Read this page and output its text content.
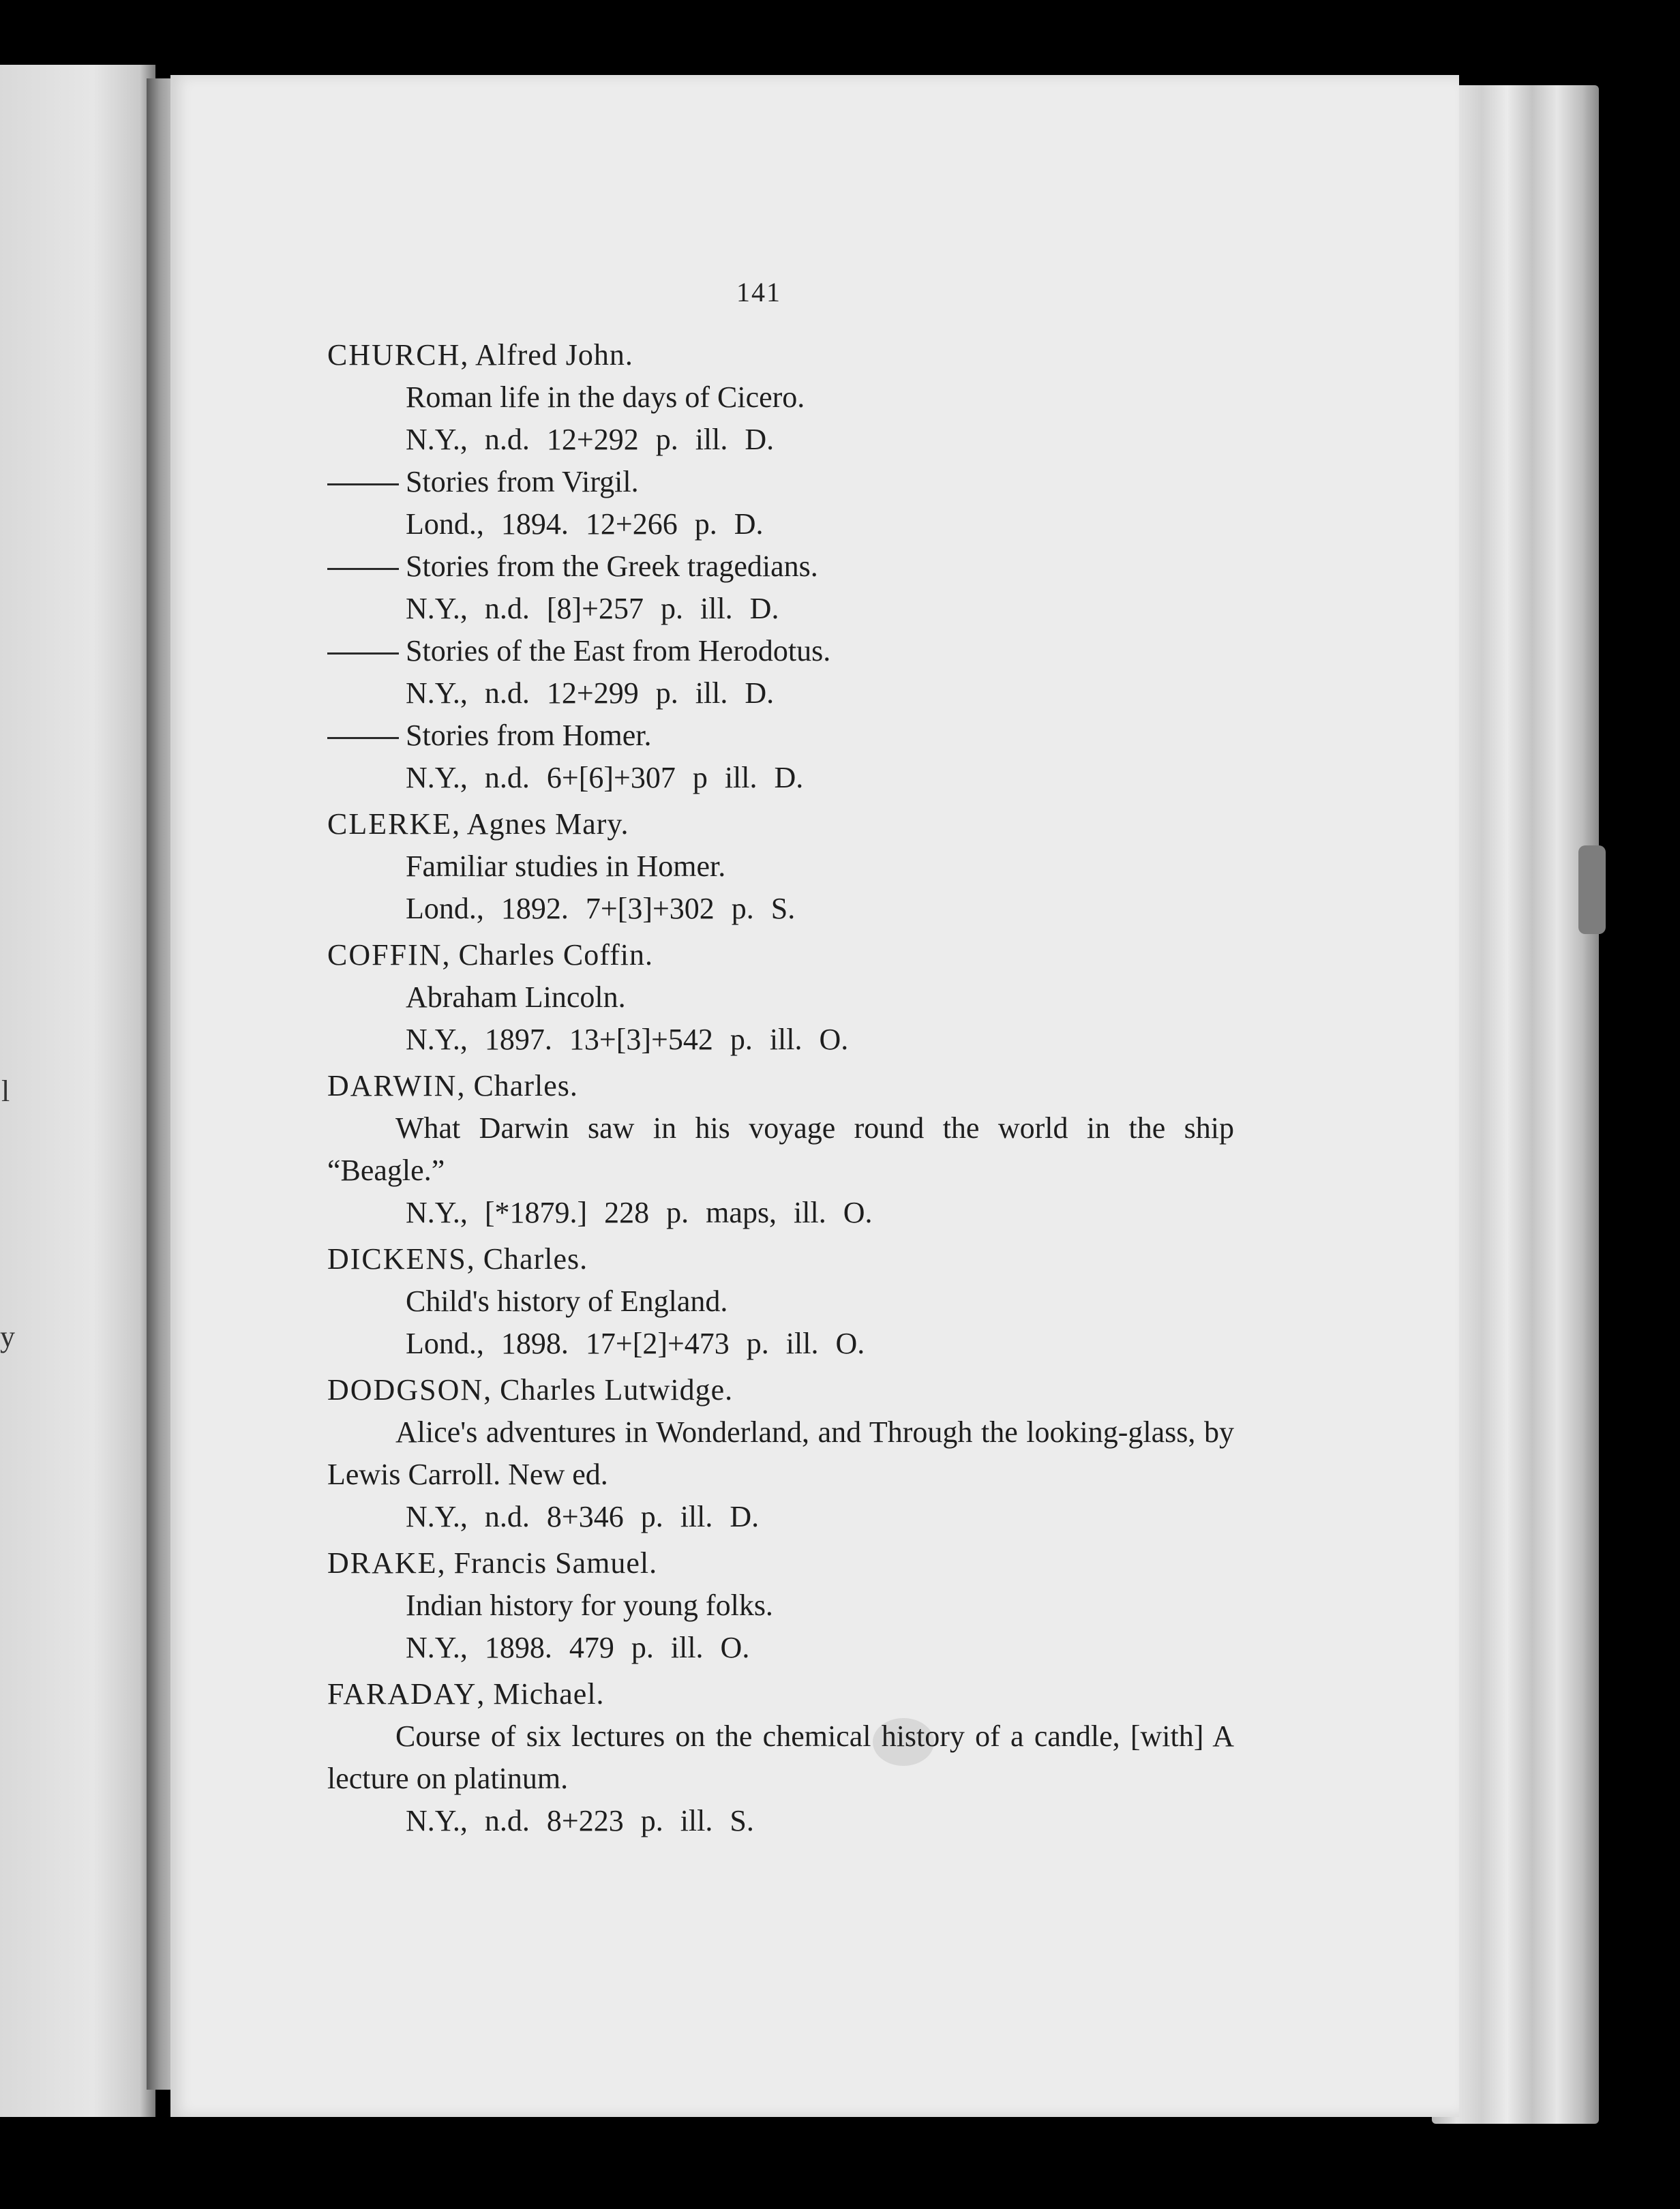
l
y
141

CHURCH, Alfred John.

Roman life in the days of Cicero.

N.Y., n.d. 12+292 p. ill. D.

Stories from Virgil.

Lond., 1894. 12+266 p. D.

Stories from the Greek tragedians.

N.Y., n.d. [8]+257 p. ill. D.

Stories of the East from Herodotus.

N.Y., n.d. 12+299 p. ill. D.

Stories from Homer.

N.Y., n.d. 6+[6]+307 p ill. D.

CLERKE, Agnes Mary.

Familiar studies in Homer.

Lond., 1892. 7+[3]+302 p. S.

COFFIN, Charles Coffin.

Abraham Lincoln.

N.Y., 1897. 13+[3]+542 p. ill. O.

DARWIN, Charles.

What Darwin saw in his voyage round the world in the ship “Beagle.”

N.Y., [*1879.] 228 p. maps, ill. O.

DICKENS, Charles.

Child's history of England.

Lond., 1898. 17+[2]+473 p. ill. O.

DODGSON, Charles Lutwidge.

Alice's adventures in Wonderland, and Through the looking-glass, by Lewis Carroll. New ed.

N.Y., n.d. 8+346 p. ill. D.

DRAKE, Francis Samuel.

Indian history for young folks.

N.Y., 1898. 479 p. ill. O.

FARADAY, Michael.

Course of six lectures on the chemical history of a candle, [with] A lecture on platinum.

N.Y., n.d. 8+223 p. ill. S.
